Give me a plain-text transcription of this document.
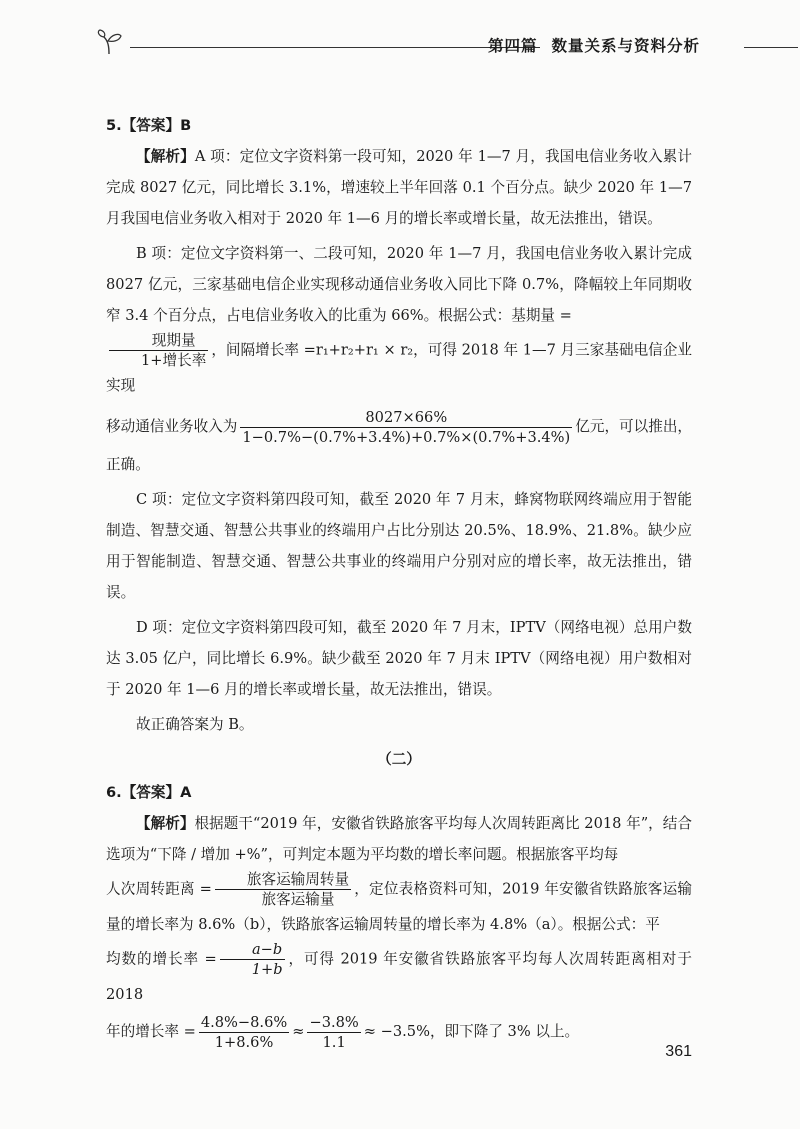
第四篇 数量关系与资料分析

5.【答案】B

【解析】A 项：定位文字资料第一段可知，2020 年 1—7 月，我国电信业务收入累计完成 8027 亿元，同比增长 3.1%，增速较上半年回落 0.1 个百分点。缺少 2020 年 1—7 月我国电信业务收入相对于 2020 年 1—6 月的增长率或增长量，故无法推出，错误。

B 项：定位文字资料第一、二段可知，2020 年 1—7 月，我国电信业务收入累计完成 8027 亿元，三家基础电信企业实现移动通信业务收入同比下降 0.7%，降幅较上年同期收窄 3.4 个百分点，占电信业务收入的比重为 66%。根据公式：基期量 =

$\frac{\text{现期量}}{\text{1+增长率}}$ ，间隔增长率 =r₁+r₂+r₁ × r₂，可得 2018 年 1—7 月三家基础电信企业实现

移动通信业务收入为 $\frac{8027\times 66\%}{1-0.7\%-(0.7\%+3.4\%)+0.7\%\times(0.7\%+3.4\%)}$ 亿元，可以推出，

正确。

C 项：定位文字资料第四段可知，截至 2020 年 7 月末，蜂窝物联网终端应用于智能制造、智慧交通、智慧公共事业的终端用户占比分别达 20.5%、18.9%、21.8%。缺少应用于智能制造、智慧交通、智慧公共事业的终端用户分别对应的增长率，故无法推出，错误。

D 项：定位文字资料第四段可知，截至 2020 年 7 月末，IPTV（网络电视）总用户数达 3.05 亿户，同比增长 6.9%。缺少截至 2020 年 7 月末 IPTV（网络电视）用户数相对于 2020 年 1—6 月的增长率或增长量，故无法推出，错误。

故正确答案为 B。

（二）

6.【答案】A

【解析】根据题干“2019 年，安徽省铁路旅客平均每人次周转距离比 2018 年”，结合选项为“下降 / 增加 +%”，可判定本题为平均数的增长率问题。根据旅客平均每
人次周转距离 = $\frac{\text{旅客运输周转量}}{\text{旅客运输量}}$ ，定位表格资料可知，2019 年安徽省铁路旅客运输量的增长率为 8.6%（b），铁路旅客运输周转量的增长率为 4.8%（a）。根据公式：平
均数的增长率 = $\frac{a-b}{1+b}$ ，可得 2019 年安徽省铁路旅客平均每人次周转距离相对于 2018

年的增长率 = $\frac{4.8\%-8.6\%}{1+8.6\%} \approx \frac{-3.8\%}{1.1} \approx -3.5\%$，即下降了 3% 以上。

361
